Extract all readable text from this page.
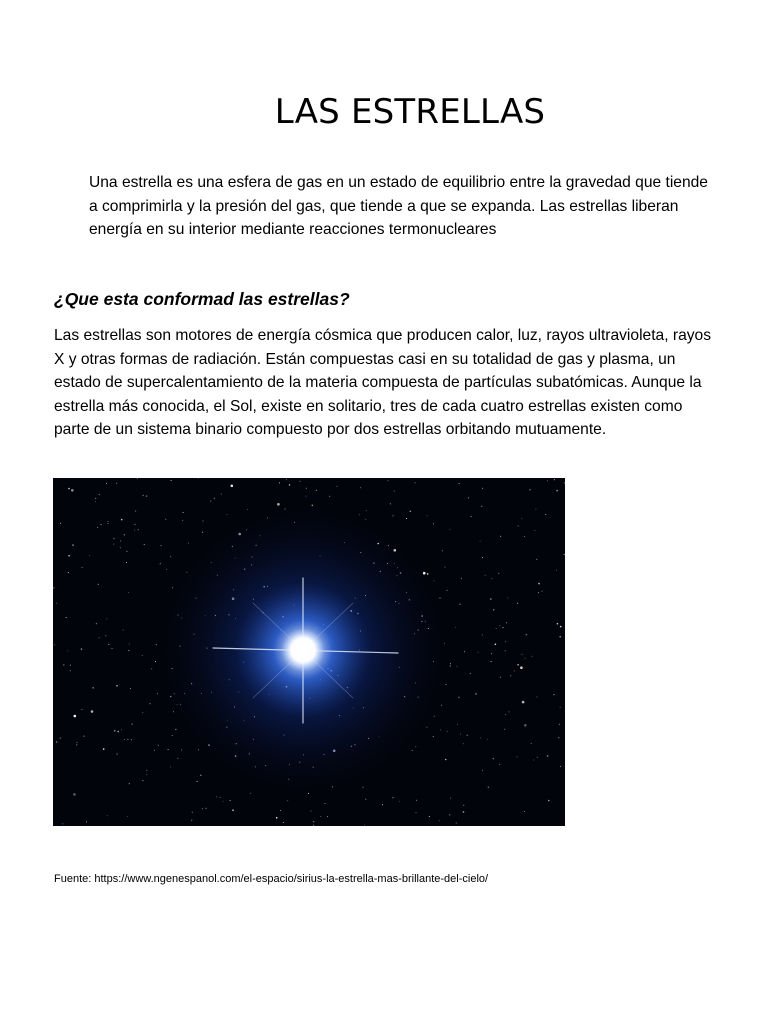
LAS ESTRELLAS

Una estrella es una esfera de gas en un estado de equilibrio entre la gravedad que tiende a comprimirla y la presión del gas, que tiende a que se expanda. Las estrellas liberan energía en su interior mediante reacciones termonucleares

¿Que esta conformad las estrellas?

Las estrellas son motores de energía cósmica que producen calor, luz, rayos ultravioleta, rayos X y otras formas de radiación. Están compuestas casi en su totalidad de gas y plasma, un estado de supercalentamiento de la materia compuesta de partículas subatómicas. Aunque la estrella más conocida, el Sol, existe en solitario, tres de cada cuatro estrellas existen como parte de un sistema binario compuesto por dos estrellas orbitando mutuamente.

Fuente: https://www.ngenespanol.com/el-espacio/sirius-la-estrella-mas-brillante-del-cielo/
